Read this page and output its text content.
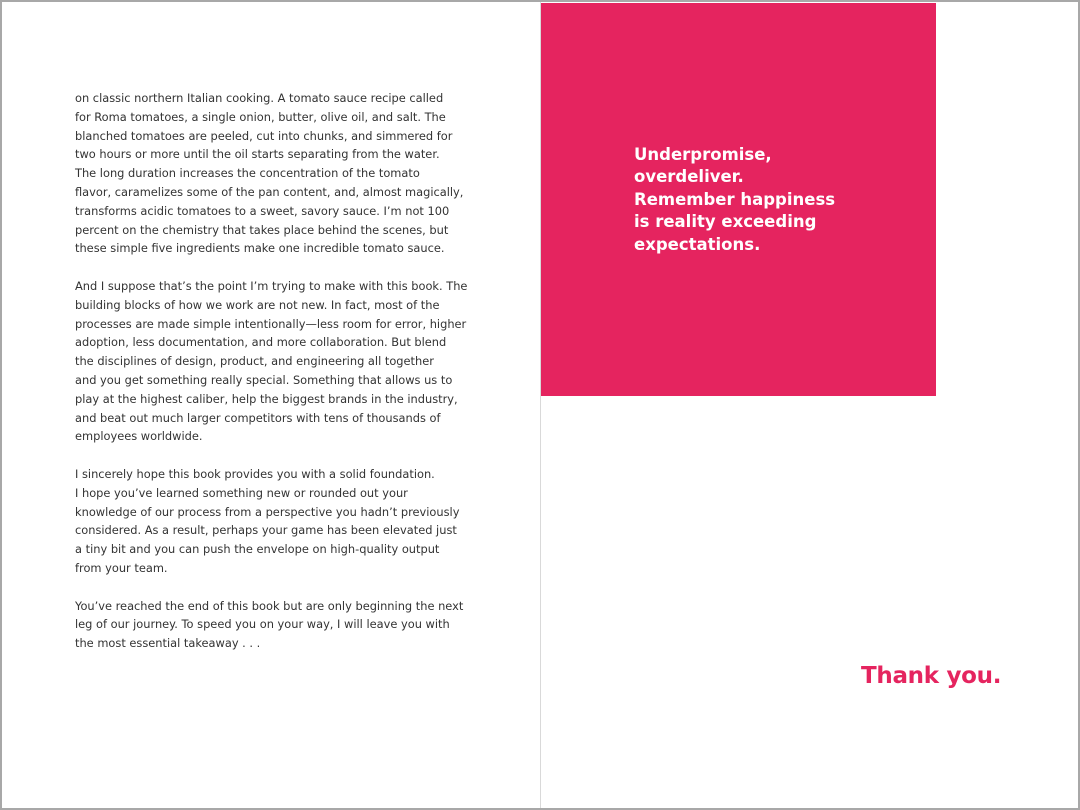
on classic northern Italian cooking. A tomato sauce recipe called
for Roma tomatoes, a single onion, butter, olive oil, and salt. The
blanched tomatoes are peeled, cut into chunks, and simmered for
two hours or more until the oil starts separating from the water.
The long duration increases the concentration of the tomato
flavor, caramelizes some of the pan content, and, almost magically,
transforms acidic tomatoes to a sweet, savory sauce. I’m not 100
percent on the chemistry that takes place behind the scenes, but
these simple five ingredients make one incredible tomato sauce.

And I suppose that’s the point I’m trying to make with this book. The
building blocks of how we work are not new. In fact, most of the
processes are made simple intentionally—less room for error, higher
adoption, less documentation, and more collaboration. But blend
the disciplines of design, product, and engineering all together
and you get something really special. Something that allows us to
play at the highest caliber, help the biggest brands in the industry,
and beat out much larger competitors with tens of thousands of
employees worldwide.

I sincerely hope this book provides you with a solid foundation.
I hope you’ve learned something new or rounded out your
knowledge of our process from a perspective you hadn’t previously
considered. As a result, perhaps your game has been elevated just
a tiny bit and you can push the envelope on high-quality output
from your team.

You’ve reached the end of this book but are only beginning the next
leg of our journey. To speed you on your way, I will leave you with
the most essential takeaway . . .

Underpromise,
overdeliver.
Remember happiness
is reality exceeding
expectations.
Thank you.
